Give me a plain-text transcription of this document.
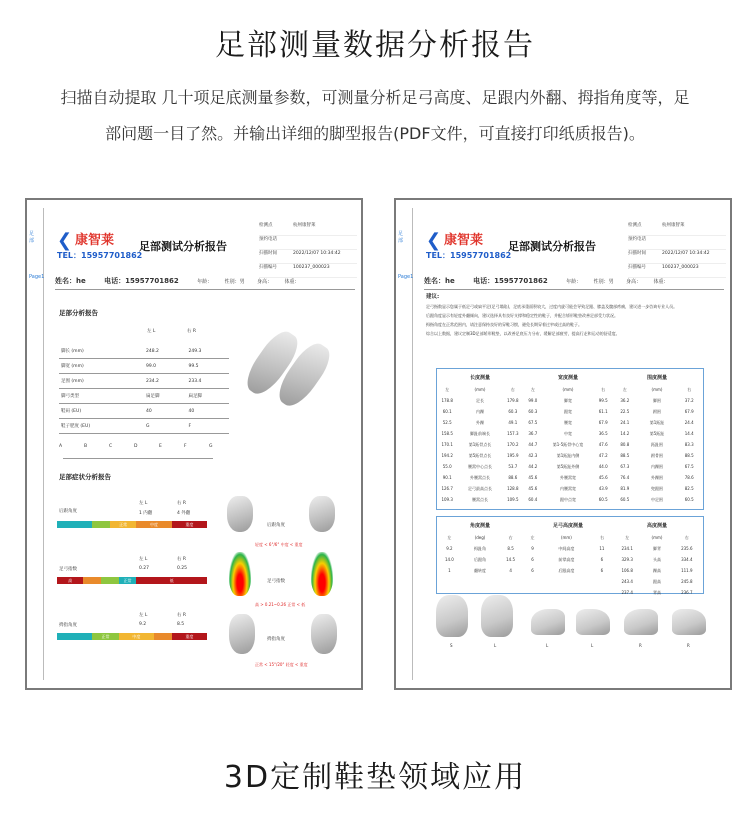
足部测量数据分析报告
扫描自动提取 几十项足底测量参数，可测量分析足弓高度、足跟内外翻、拇指角度等，足部问题一目了然。并输出详细的脚型报告(PDF文件，可直接打印纸质报告)。
足部
Page1
❮ 康智莱
TEL：15957701862
足部测试分析报告
检测点	杭州康智莱
预约电话
扫描时间	2022/12/07 10:34:42
扫描编号	100237_000023
姓名：he	电话：15957701862	年龄： 性别：男 身高： 体重：
足部分析报告
左 L	右 R
脚长 (mm)	248.2	249.3
脚宽 (mm)	99.0	99.5
足围 (mm)	234.2	233.4
脚弓类型	扁足脚	扁足脚
鞋码 (EU)	40	40
鞋子肥度 (EU)	G	F
A	B	C	D	E	F	G
足部症状分析报告
后跟角度
左 L	右 R
1 内翻	4 外翻
正常	中度	重度	后跟角度
轻度 < 6°/6° 中度 < 重度
足弓指数
左 L	右 R
0.27	0.25
高	正常	低	足弓指数
高 > 0.21~0.26 正常 < 低
拇指角度
左 L	右 R
9.2	8.5
正常	中度	重度
拇指角度
正常 < 15°/20° 轻度 < 重度
足部
Page1
❮ 康智莱
TEL：15957701862
足部测试分析报告
检测点	杭州康智莱
预约电话
扫描时间	2022/12/07 10:34:42
扫描编号	100237_000023
姓名：he	电话：15957701862	年龄： 性别：男 身高： 体重：
建议:
足弓指数显示您属于低足弓或扁平足(足弓塌陷)，足底承重面积较大，过度内旋可能会导致足跟、膝盖及髋部疼痛，建议进一步咨询专业人员。
后跟角度显示有轻度外翻倾向，建议选择具有良好支撑和稳定性的鞋子，并配合矫形鞋垫改善足部受力状况。
拇指角度在正常范围内，请注意保持良好的穿鞋习惯，避免长期穿着过窄或过高的鞋子。
综合以上数据，建议定制3D足部矫形鞋垫，以改善足底压力分布，缓解足部疲劳，提高行走和运动的舒适度。
长度测量		
左	(mm)	右
178.8	足长	179.8
60.1	内踝	60.3
52.5	外踝	49.1
158.5	脚趾前端长	157.3
170.1	第1跖骨点长	170.2
194.2	第5跖骨点长	195.9
55.0	腰窝中心点长	53.7
90.1	外腰窝点长	88.6
126.7	足弓最高点长	128.8
109.3	腰窝点长	109.5
宽度测量		
左	(mm)	右
99.0	脚宽	99.5
60.3	跟宽	61.1
67.5	腰宽	67.9
36.7	中宽	36.5
44.7	第1-5跖骨中心宽	47.6
42.3	第1跖趾内侧	47.2
44.2	第5跖趾外侧	44.0
45.6	外腰窝宽	45.6
45.6	内腰窝宽	43.9
60.4	跟中点宽	60.5
围度测量		
左	(mm)	右
36.2	脚围	37.2
22.5	跗围	67.9
24.1	第1跖趾	24.4
14.2	第5跖趾	14.4
80.8	跖趾围	83.3
88.5	跗骨围	88.5
67.3	内踝围	67.5
76.4	外踝围	78.6
81.9	兜跟围	82.5
60.5	中足围	60.5
角度测量		
左	(deg)	右
9.2	拇趾角	8.5
14.0	后跟角	14.5
1	翻转度	4
足弓高度测量		
左	(mm)	右
9	中间高度	11
6	前掌高度	6
6	后跟高度	6
高度测量		
左	(mm)	右
234.1	脚背	235.6
329.3	头高	334.4
106.8	踝高	111.9
243.4	跟高	245.8
237.4	背高	236.7
S	L	L	L	R	R
3D定制鞋垫领域应用
